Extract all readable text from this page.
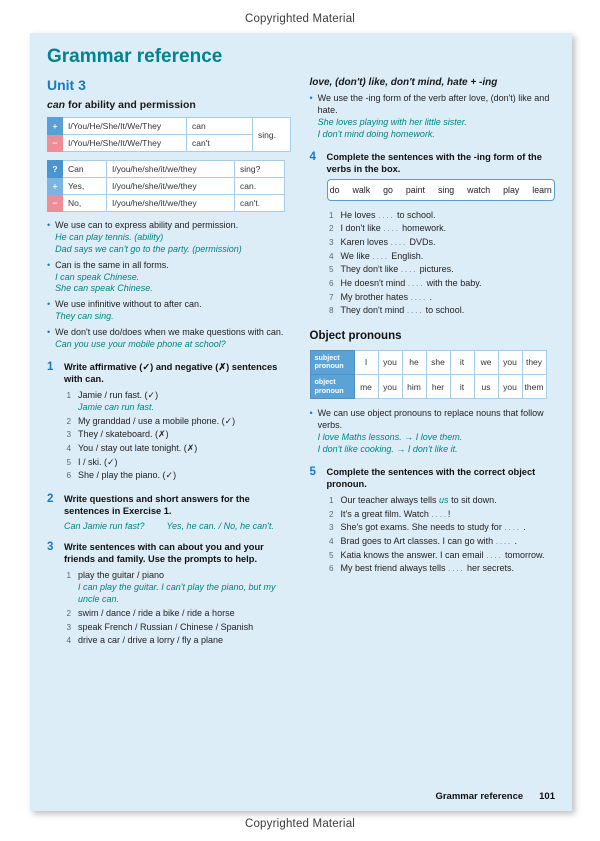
Copyrighted Material
Grammar reference
Unit 3
can for ability and permission
+	I/You/He/She/It/We/They	can	sing.
−	I/You/He/She/It/We/They	can't	
?	Can	I/you/he/she/it/we/they	sing?
+	Yes,	I/you/he/she/it/we/they	can.
−	No,	I/you/he/she/it/we/they	can't.
• We use can to express ability and permission.
He can play tennis. (ability)
Dad says we can't go to the party. (permission)
• Can is the same in all forms.
I can speak Chinese.
She can speak Chinese.
• We use infinitive without to after can.
They can sing.
• We don't use do/does when we make questions with can.
Can you use your mobile phone at school?
1	Write affirmative (✓) and negative (✗) sentences with can.
1 Jamie / run fast. (✓)
Jamie can run fast.
2 My granddad / use a mobile phone. (✓)
3 They / skateboard. (✗)
4 You / stay out late tonight. (✗)
5 I / ski. (✓)
6 She / play the piano. (✓)
2	Write questions and short answers for the sentences in Exercise 1.
Can Jamie run fast? Yes, he can. / No, he can't.
3	Write sentences with can about you and your friends and family. Use the prompts to help.
1 play the guitar / piano
I can play the guitar. I can't play the piano, but my uncle can.
2 swim / dance / ride a bike / ride a horse
3 speak French / Russian / Chinese / Spanish
4 drive a car / drive a lorry / fly a plane
love, (don't) like, don't mind, hate + -ing
• We use the -ing form of the verb after love, (don't) like and hate.
She loves playing with her little sister.
I don't mind doing homework.
4	Complete the sentences with the -ing form of the verbs in the box.
do walk go paint sing watch play learn
1 He loves .... to school.
2 I don't like .... homework.
3 Karen loves .... DVDs.
4 We like .... English.
5 They don't like .... pictures.
6 He doesn't mind .... with the baby.
7 My brother hates .... .
8 They don't mind .... to school.
Object pronouns
subject pronoun	I	you	he	she	it	we	you	they
object pronoun	me	you	him	her	it	us	you	them
• We can use object pronouns to replace nouns that follow verbs.
I love Maths lessons. → I love them.
I don't like cooking. → I don't like it.
5	Complete the sentences with the correct object pronoun.
1 Our teacher always tells us to sit down.
2 It's a great film. Watch ....!
3 She's got exams. She needs to study for .... .
4 Brad goes to Art classes. I can go with .... .
5 Katia knows the answer. I can email .... tomorrow.
6 My best friend always tells .... her secrets.
Grammar reference 101
Copyrighted Material
